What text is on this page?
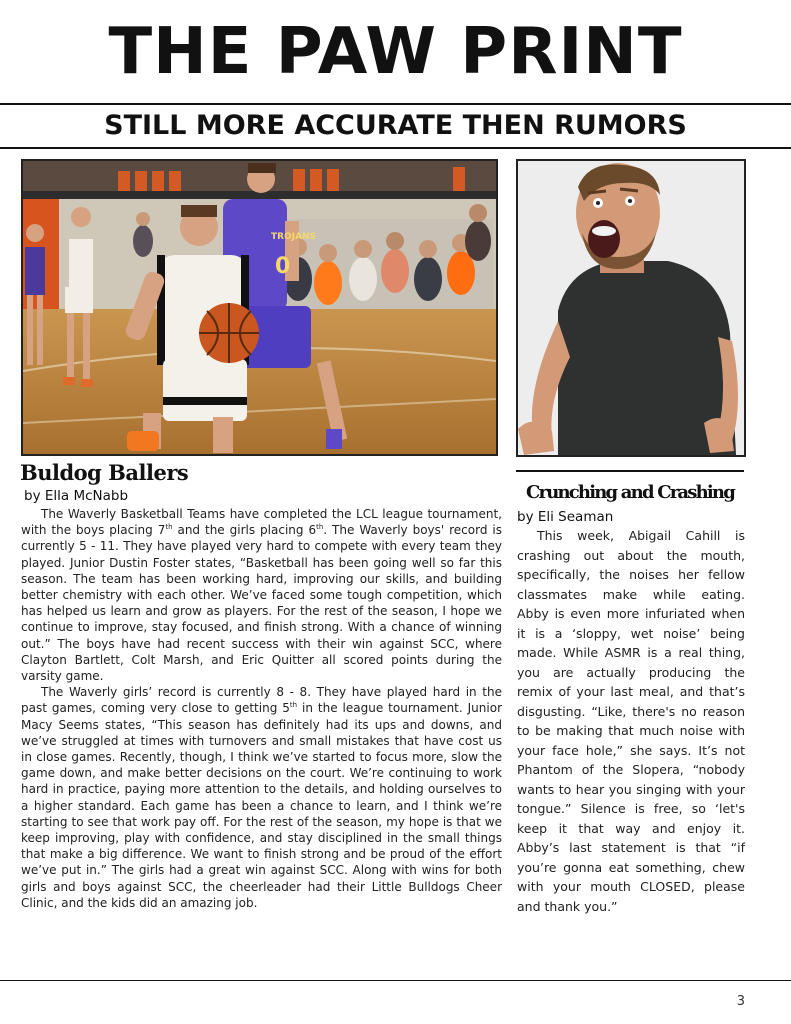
THE PAW PRINT
STILL MORE ACCURATE THEN RUMORS
TROJANS
0
Buldog Ballers
by Ella McNabb

The Waverly Basketball Teams have completed the LCL league tournament, with the boys placing 7th and the girls placing 6th. The Waverly boys' record is currently 5 - 11. They have played very hard to compete with every team they played. Junior Dustin Foster states, “Basketball has been going well so far this season. The team has been working hard, improving our skills, and building better chemistry with each other. We’ve faced some tough competition, which has helped us learn and grow as players. For the rest of the season, I hope we continue to improve, stay focused, and finish strong. With a chance of winning out.” The boys have had recent success with their win against SCC, where Clayton Bartlett, Colt Marsh, and Eric Quitter all scored points during the varsity game.

The Waverly girls’ record is currently 8 - 8. They have played hard in the past games, coming very close to getting 5th in the league tournament. Junior Macy Seems states, “This season has definitely had its ups and downs, and we’ve struggled at times with turnovers and small mistakes that have cost us in close games. Recently, though, I think we’ve started to focus more, slow the game down, and make better decisions on the court. We’re continuing to work hard in practice, paying more attention to the details, and holding ourselves to a higher standard. Each game has been a chance to learn, and I think we’re starting to see that work pay off. For the rest of the season, my hope is that we keep improving, play with confidence, and stay disciplined in the small things that make a big difference. We want to finish strong and be proud of the effort we’ve put in.” The girls had a great win against SCC. Along with wins for both girls and boys against SCC, the cheerleader had their Little Bulldogs Cheer Clinic, and the kids did an amazing job.

Crunching and Crashing
by Eli Seaman

This week, Abigail Cahill is crashing out about the mouth, specifically, the noises her fellow classmates make while eating. Abby is even more infuriated when it is a ‘sloppy, wet noise’ being made. While ASMR is a real thing, you are actually producing the remix of your last meal, and that’s disgusting. “Like, there's no reason to be making that much noise with your face hole,” she says. It’s not Phantom of the Slopera, “nobody wants to hear you singing with your tongue.” Silence is free, so ‘let's keep it that way and enjoy it. Abby’s last statement is that “if you’re gonna eat something, chew with your mouth CLOSED, please and thank you.”

3
